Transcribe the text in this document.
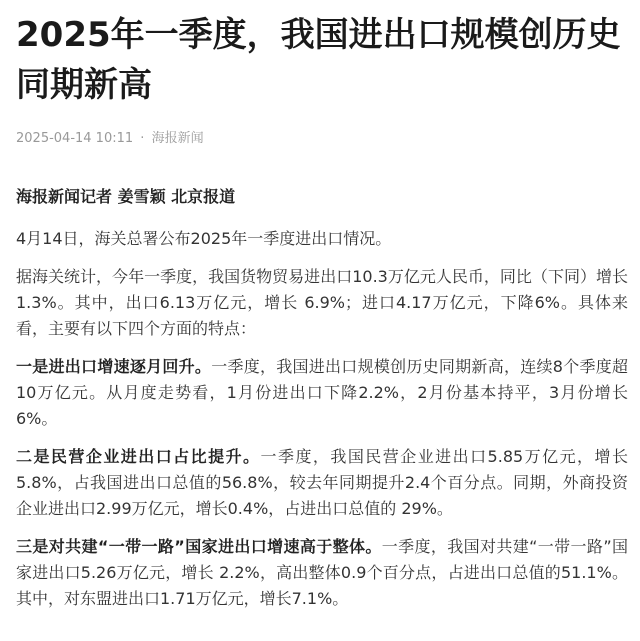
2025年一季度，我国进出口规模创历史同期新高
2025-04-14 10:11 · 海报新闻

海报新闻记者 姜雪颖 北京报道

4月14日，海关总署公布2025年一季度进出口情况。

据海关统计，今年一季度，我国货物贸易进出口10.3万亿元人民币，同比（下同）增长1.3%。其中，出口6.13万亿元，增长 6.9%；进口4.17万亿元，下降6%。具体来看，主要有以下四个方面的特点：

一是进出口增速逐月回升。一季度，我国进出口规模创历史同期新高，连续8个季度超10万亿元。从月度走势看，1月份进出口下降2.2%，2月份基本持平，3月份增长6%。

二是民营企业进出口占比提升。一季度，我国民营企业进出口5.85万亿元，增长5.8%，占我国进出口总值的56.8%，较去年同期提升2.4个百分点。同期，外商投资企业进出口2.99万亿元，增长0.4%，占进出口总值的 29%。

三是对共建“一带一路”国家进出口增速高于整体。一季度，我国对共建“一带一路”国家进出口5.26万亿元，增长 2.2%，高出整体0.9个百分点，占进出口总值的51.1%。其中，对东盟进出口1.71万亿元，增长7.1%。
